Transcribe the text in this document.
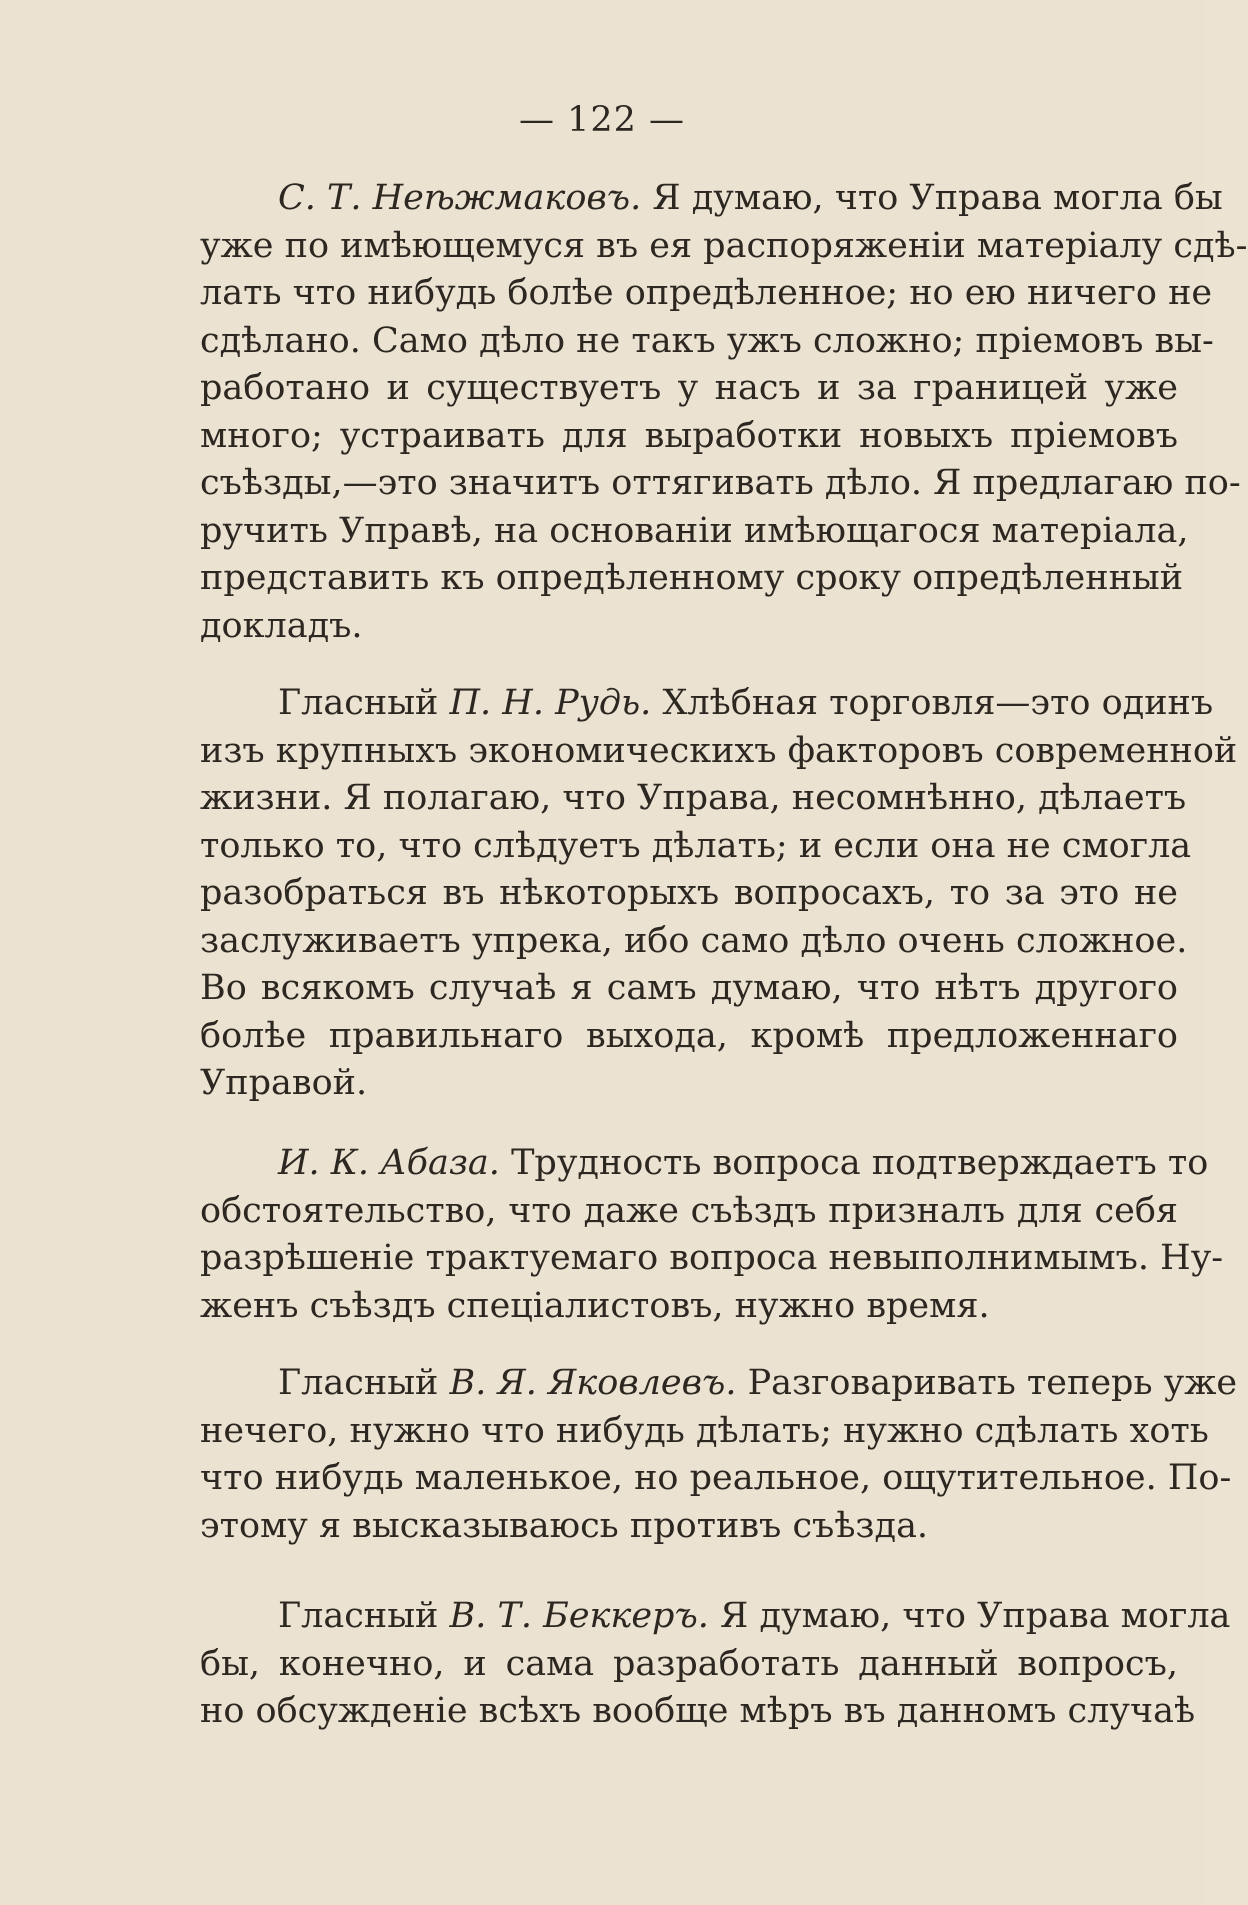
— 122 —

С. Т. Неѣжмаковъ. Я думаю, что Управа могла бы
уже по имѣющемуся въ ея распоряженіи матеріалу сдѣ-
лать что нибудь болѣе опредѣленное; но ею ничего не
сдѣлано. Само дѣло не такъ ужъ сложно; пріемовъ вы-
работано и существуетъ у насъ и за границей уже
много; устраивать для выработки новыхъ пріемовъ
съѣзды,—это значитъ оттягивать дѣло. Я предлагаю по-
ручить Управѣ, на основаніи имѣющагося матеріала,
представить къ опредѣленному сроку опредѣленный
докладъ.

Гласный П. Н. Рудь. Хлѣбная торговля—это одинъ
изъ крупныхъ экономическихъ факторовъ современной
жизни. Я полагаю, что Управа, несомнѣнно, дѣлаетъ
только то, что слѣдуетъ дѣлать; и если она не смогла
разобраться въ нѣкоторыхъ вопросахъ, то за это не
заслуживаетъ упрека, ибо само дѣло очень сложное.
Во всякомъ случаѣ я самъ думаю, что нѣтъ другого
болѣе правильнаго выхода, кромѣ предложеннаго
Управой.

И. К. Абаза. Трудность вопроса подтверждаетъ то
обстоятельство, что даже съѣздъ призналъ для себя
разрѣшеніе трактуемаго вопроса невыполнимымъ. Ну-
женъ съѣздъ спеціалистовъ, нужно время.

Гласный В. Я. Яковлевъ. Разговаривать теперь уже
нечего, нужно что нибудь дѣлать; нужно сдѣлать хоть
что нибудь маленькое, но реальное, ощутительное. По-
этому я высказываюсь противъ съѣзда.

Гласный В. Т. Беккеръ. Я думаю, что Управа могла
бы, конечно, и сама разработать данный вопросъ,
но обсужденіе всѣхъ вообще мѣръ въ данномъ случаѣ
